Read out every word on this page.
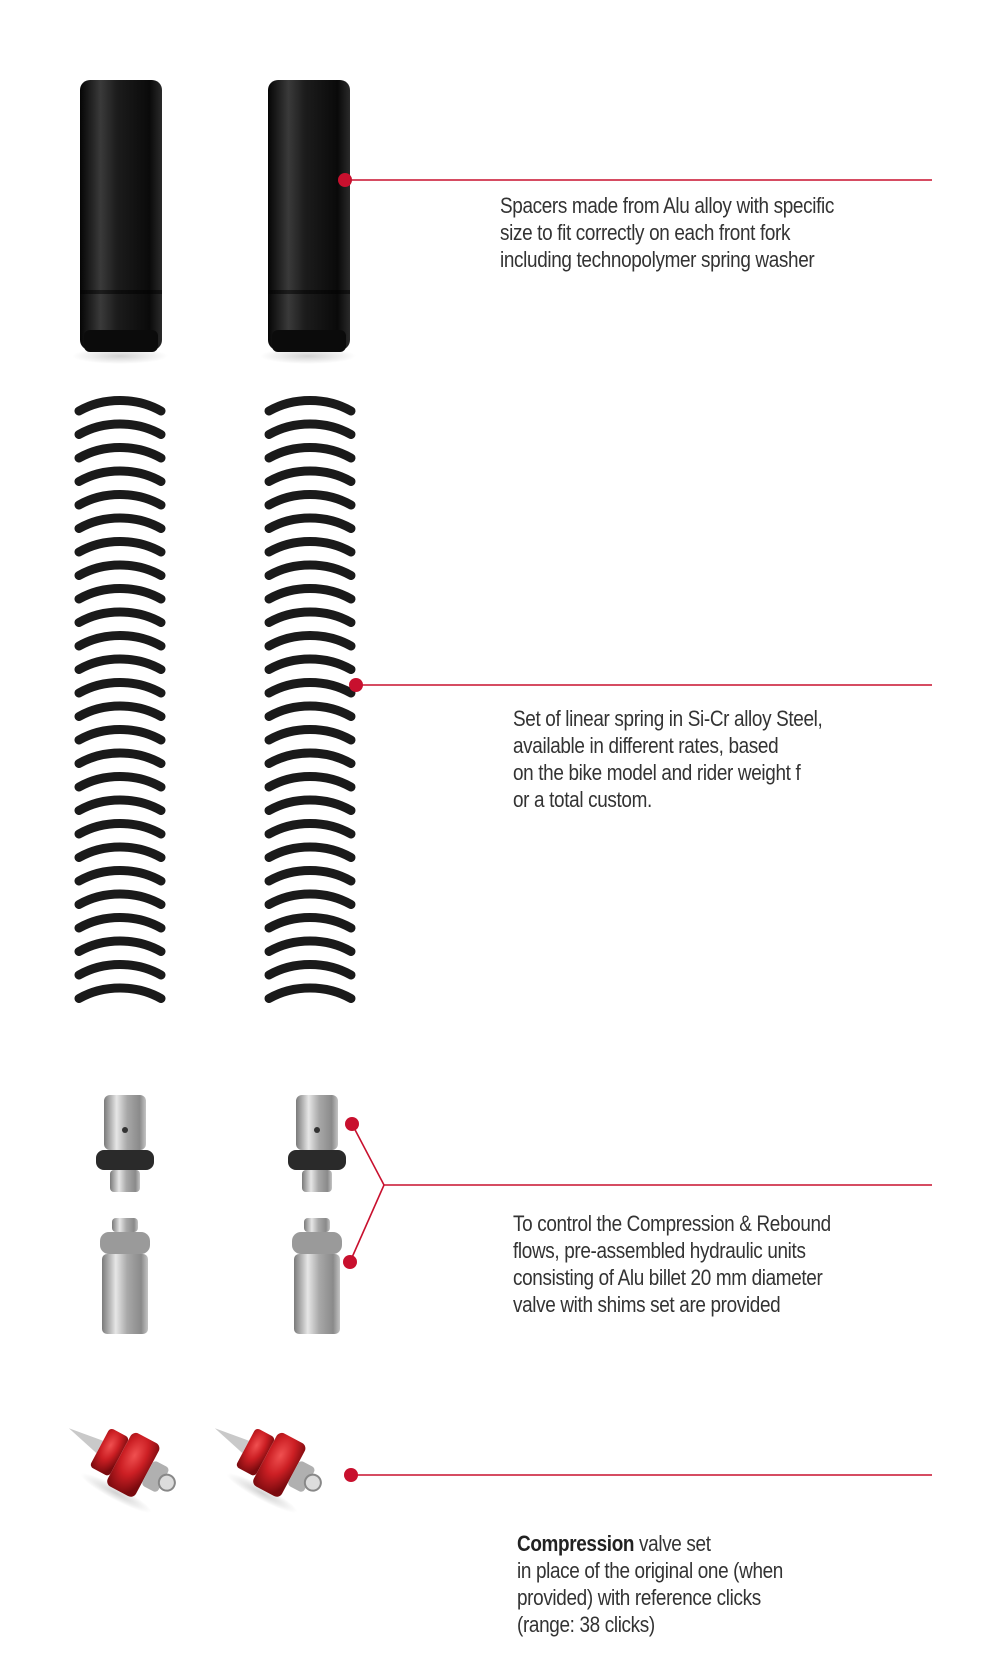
Spacers made from Alu alloy with specific
size to fit correctly on each front fork
including technopolymer spring washer
Set of linear spring in Si-Cr alloy Steel,
available in different rates, based
on the bike model and rider weight f
or a total custom.
To control the Compression & Rebound
flows, pre-assembled hydraulic units
consisting of Alu billet 20 mm diameter
valve with shims set are provided
Compression valve set
in place of the original one (when
provided) with reference clicks
(range: 38 clicks)
